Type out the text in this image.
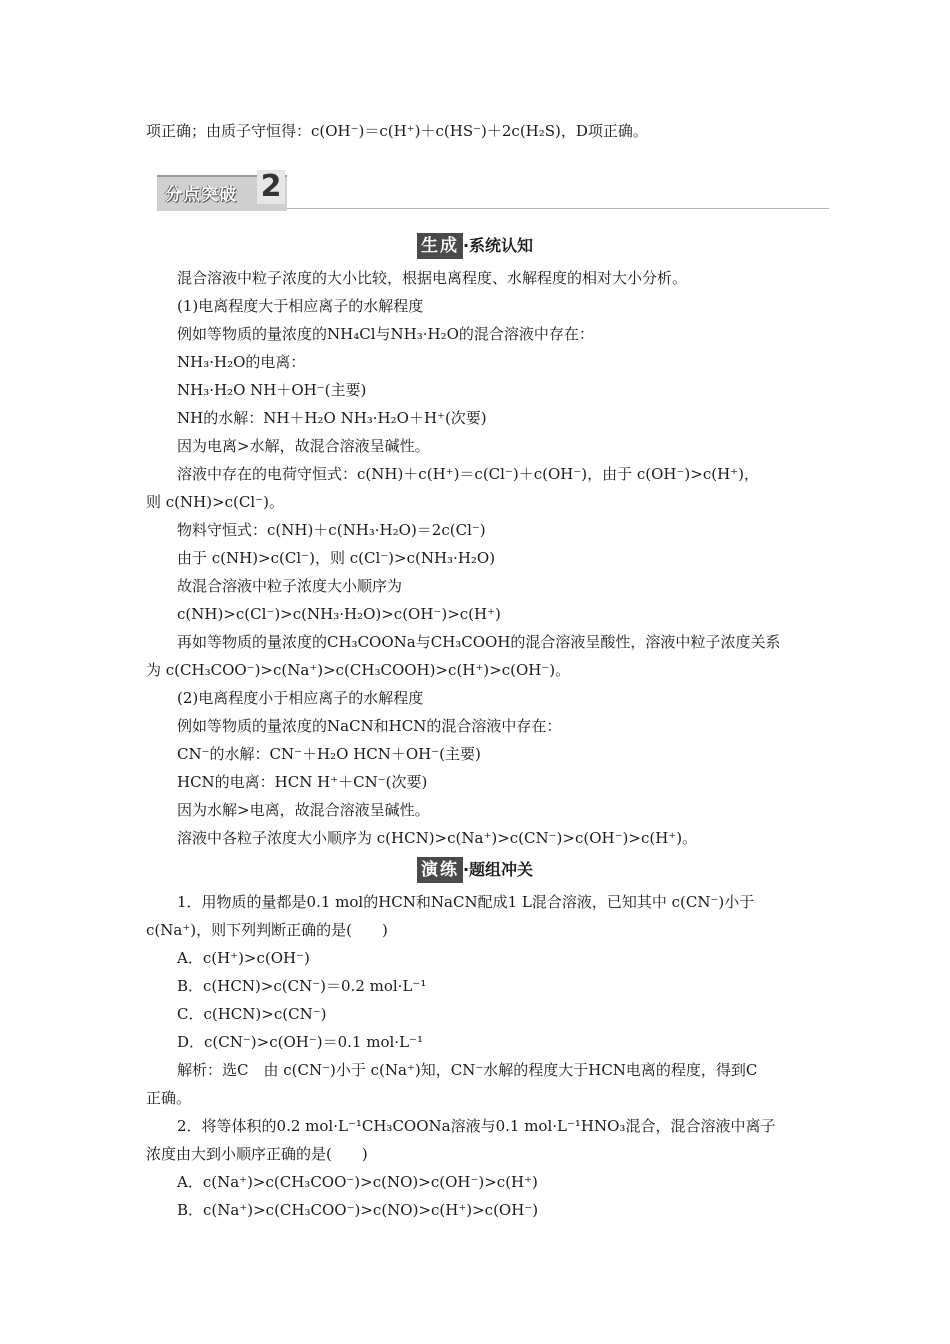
项正确；由质子守恒得：c(OH⁻)＝c(H⁺)＋c(HS⁻)＋2c(H₂S)，D项正确。
分点突破 2
生成 ·系统认知
混合溶液中粒子浓度的大小比较，根据电离程度、水解程度的相对大小分析。
(1)电离程度大于相应离子的水解程度
例如等物质的量浓度的NH₄Cl与NH₃·H₂O的混合溶液中存在：
NH₃·H₂O的电离：
NH₃·H₂O NH＋OH⁻(主要)
NH的水解：NH＋H₂O NH₃·H₂O＋H⁺(次要)
因为电离>水解，故混合溶液呈碱性。
溶液中存在的电荷守恒式：c(NH)＋c(H⁺)＝c(Cl⁻)＋c(OH⁻)，由于 c(OH⁻)>c(H⁺)，
则 c(NH)>c(Cl⁻)。
物料守恒式：c(NH)＋c(NH₃·H₂O)＝2c(Cl⁻)
由于 c(NH)>c(Cl⁻)，则 c(Cl⁻)>c(NH₃·H₂O)
故混合溶液中粒子浓度大小顺序为
c(NH)>c(Cl⁻)>c(NH₃·H₂O)>c(OH⁻)>c(H⁺)
再如等物质的量浓度的CH₃COONa与CH₃COOH的混合溶液呈酸性，溶液中粒子浓度关系
为 c(CH₃COO⁻)>c(Na⁺)>c(CH₃COOH)>c(H⁺)>c(OH⁻)。
(2)电离程度小于相应离子的水解程度
例如等物质的量浓度的NaCN和HCN的混合溶液中存在：
CN⁻的水解：CN⁻＋H₂O HCN＋OH⁻(主要)
HCN的电离：HCN H⁺＋CN⁻(次要)
因为水解>电离，故混合溶液呈碱性。
溶液中各粒子浓度大小顺序为 c(HCN)>c(Na⁺)>c(CN⁻)>c(OH⁻)>c(H⁺)。
演练 ·题组冲关
1．用物质的量都是0.1 mol的HCN和NaCN配成1 L混合溶液，已知其中 c(CN⁻)小于
c(Na⁺)，则下列判断正确的是(　　)
A．c(H⁺)>c(OH⁻)
B．c(HCN)>c(CN⁻)＝0.2 mol·L⁻¹
C．c(HCN)>c(CN⁻)
D．c(CN⁻)>c(OH⁻)＝0.1 mol·L⁻¹
解析：选C　由 c(CN⁻)小于 c(Na⁺)知，CN⁻水解的程度大于HCN电离的程度，得到C
正确。
2．将等体积的0.2 mol·L⁻¹CH₃COONa溶液与0.1 mol·L⁻¹HNO₃混合，混合溶液中离子
浓度由大到小顺序正确的是(　　)
A．c(Na⁺)>c(CH₃COO⁻)>c(NO)>c(OH⁻)>c(H⁺)
B．c(Na⁺)>c(CH₃COO⁻)>c(NO)>c(H⁺)>c(OH⁻)
